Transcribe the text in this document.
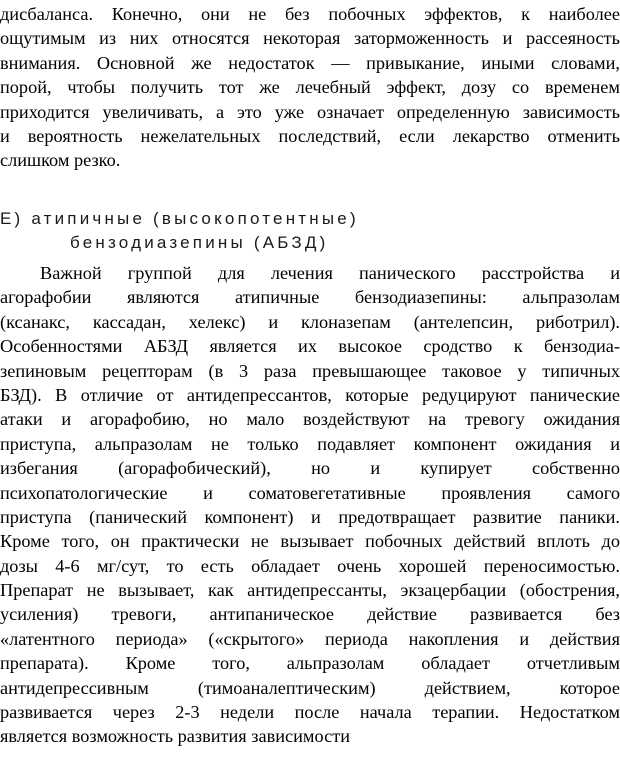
дисбаланса. Конечно, они не без побочных эффектов, к наиболее
ощутимым из них относятся некоторая заторможенность и рассеяность
внимания. Основной же недостаток — привыкание, иными словами,
порой, чтобы получить тот же лечебный эффект, дозу со временем
приходится увеличивать, а это уже означает определенную зависимость
и вероятность нежелательных последствий, если лекарство отменить
слишком резко.
Е) атипичные (высокопотентные)
бензодиазепины (АБЗД)
Важной группой для лечения панического расстройства и
агорафобии являются атипичные бензодиазепины: альпразолам
(ксанакс, кассадан, хелекс) и клоназепам (антелепсин, риботрил).
Особенностями АБЗД является их высокое сродство к бензодиа-
зепиновым рецепторам (в 3 раза превышающее таковое у типичных
БЗД). В отличие от антидепрессантов, которые редуцируют панические
атаки и агорафобию, но мало воздействуют на тревогу ожидания
приступа, альпразолам не только подавляет компонент ожидания и
избегания (агорафобический), но и купирует собственно
психопатологические и соматовегетативные проявления самого
приступа (панический компонент) и предотвращает развитие паники.
Кроме того, он практически не вызывает побочных действий вплоть до
дозы 4-6 мг/сут, то есть обладает очень хорошей переносимостью.
Препарат не вызывает, как антидепрессанты, экзацербации (обострения,
усиления) тревоги, антипаническое действие развивается без
«латентного периода» («скрытого» периода накопления и действия
препарата). Кроме того, альпразолам обладает отчетливым
антидепрессивным (тимоаналептическим) действием, которое
развивается через 2-3 недели после начала терапии. Недостатком
является возможность развития зависимости
